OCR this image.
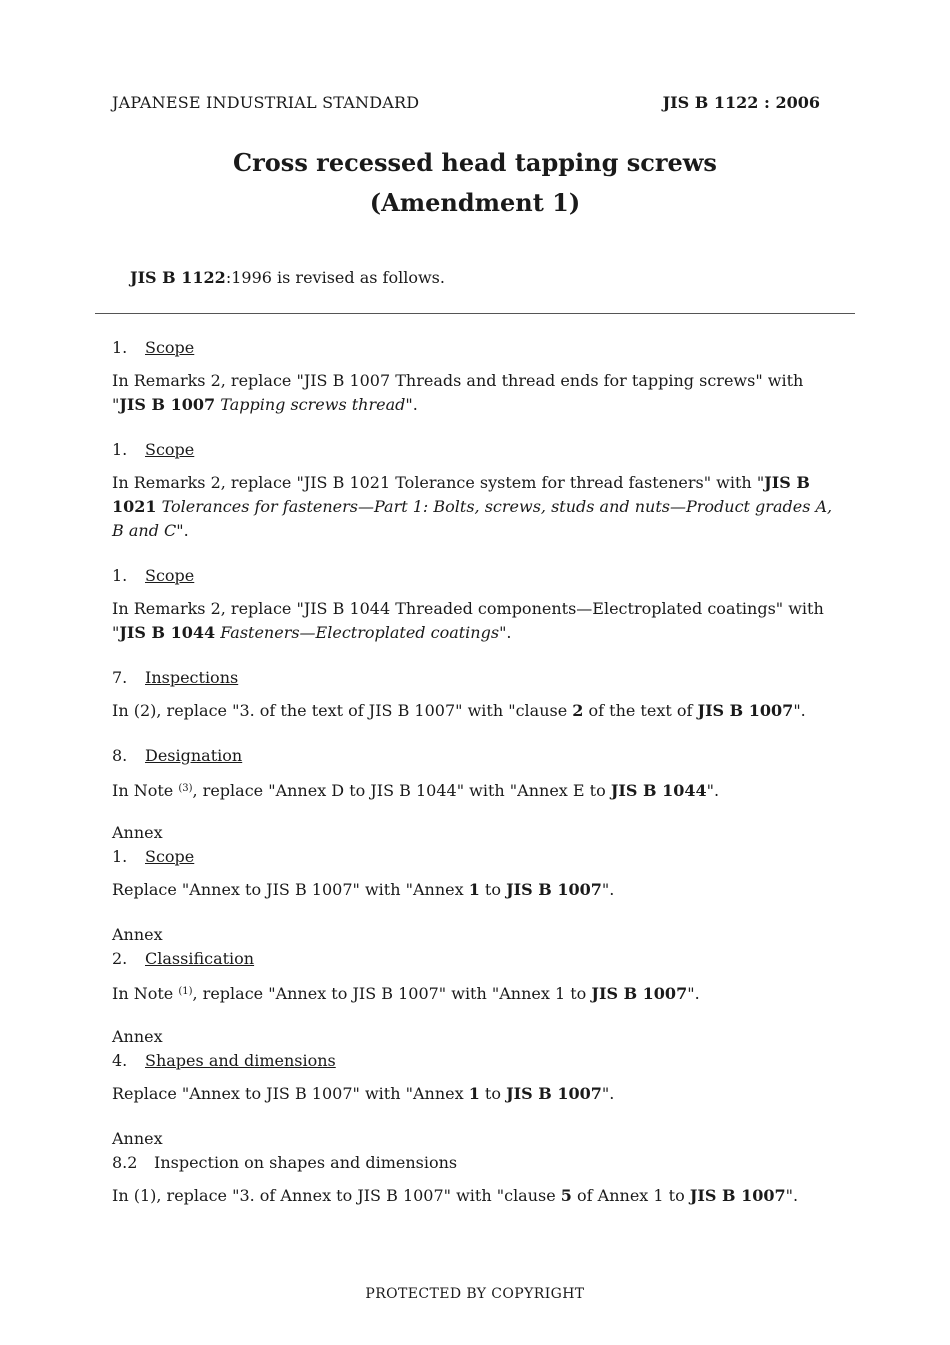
JAPANESE INDUSTRIAL STANDARD	JIS B 1122 : 2006
Cross recessed head tapping screws
(Amendment 1)
JIS B 1122:1996 is revised as follows.
1. Scope
In Remarks 2, replace "JIS B 1007 Threads and thread ends for tapping screws" with "JIS B 1007 Tapping screws thread".
1. Scope
In Remarks 2, replace "JIS B 1021 Tolerance system for thread fasteners" with "JIS B 1021 Tolerances for fasteners—Part 1: Bolts, screws, studs and nuts—Product grades A, B and C".
1. Scope
In Remarks 2, replace "JIS B 1044 Threaded components—Electroplated coatings" with "JIS B 1044 Fasteners—Electroplated coatings".
7. Inspections
In (2), replace "3. of the text of JIS B 1007" with "clause 2 of the text of JIS B 1007".
8. Designation
In Note $^{(3)}$, replace "Annex D to JIS B 1044" with "Annex E to JIS B 1044".
Annex
1. Scope
Replace "Annex to JIS B 1007" with "Annex 1 to JIS B 1007".
Annex
2. Classification
In Note $^{(1)}$, replace "Annex to JIS B 1007" with "Annex 1 to JIS B 1007".
Annex
4. Shapes and dimensions
Replace "Annex to JIS B 1007" with "Annex 1 to JIS B 1007".
Annex
8.2 Inspection on shapes and dimensions
In (1), replace "3. of Annex to JIS B 1007" with "clause 5 of Annex 1 to JIS B 1007".
PROTECTED BY COPYRIGHT
